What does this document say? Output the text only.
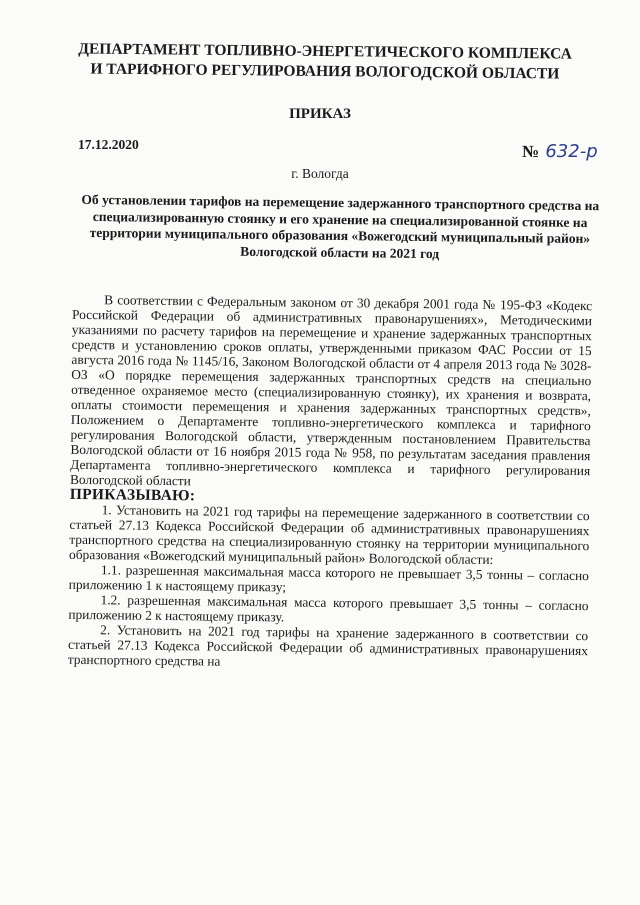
ДЕПАРТАМЕНТ ТОПЛИВНО-ЭНЕРГЕТИЧЕСКОГО КОМПЛЕКСА
И ТАРИФНОГО РЕГУЛИРОВАНИЯ ВОЛОГОДСКОЙ ОБЛАСТИ
ПРИКАЗ
17.12.2020	№ 632-р
г. Вологда
Об установлении тарифов на перемещение задержанного транспортного средства на специализированную стоянку и его хранение на специализированной стоянке на территории муниципального образования «Вожегодский муниципальный район» Вологодской области на 2021 год

В соответствии с Федеральным законом от 30 декабря 2001 года № 195-ФЗ «Кодекс Российской Федерации об административных правонарушениях», Методическими указаниями по расчету тарифов на перемещение и хранение задержанных транспортных средств и установлению сроков оплаты, утвержденными приказом ФАС России от 15 августа 2016 года № 1145/16, Законом Вологодской области от 4 апреля 2013 года № 3028-ОЗ «О порядке перемещения задержанных транспортных средств на специально отведенное охраняемое место (специализированную стоянку), их хранения и возврата, оплаты стоимости перемещения и хранения задержанных транспортных средств», Положением о Департаменте топливно-энергетического комплекса и тарифного регулирования Вологодской области, утвержденным постановлением Правительства Вологодской области от 16 ноября 2015 года № 958, по результатам заседания правления Департамента топливно-энергетического комплекса и тарифного регулирования Вологодской области

ПРИКАЗЫВАЮ:

1. Установить на 2021 год тарифы на перемещение задержанного в соответствии со статьей 27.13 Кодекса Российской Федерации об административных правонарушениях транспортного средства на специализированную стоянку на территории муниципального образования «Вожегодский муниципальный район» Вологодской области:

1.1. разрешенная максимальная масса которого не превышает 3,5 тонны – согласно приложению 1 к настоящему приказу;

1.2. разрешенная максимальная масса которого превышает 3,5 тонны – согласно приложению 2 к настоящему приказу.

2. Установить на 2021 год тарифы на хранение задержанного в соответствии со статьей 27.13 Кодекса Российской Федерации об административных правонарушениях транспортного средства на
